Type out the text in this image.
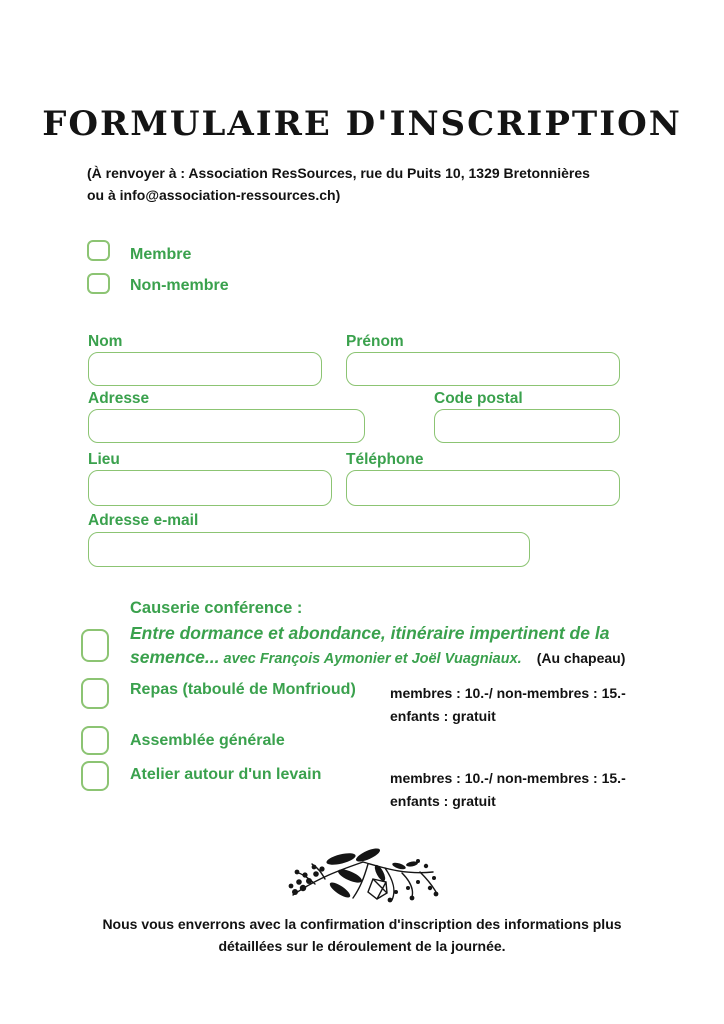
FORMULAIRE D'INSCRIPTION
(À renvoyer à : Association ResSources, rue du Puits 10, 1329 Bretonnières
ou à info@association-ressources.ch)
Membre
Non-membre
Nom	Prénom
Adresse	Code postal
Lieu	Téléphone
Adresse e-mail
Causerie conférence :
Entre dormance et abondance, itinéraire impertinent de la
semence... avec François Aymonier et Joël Vuagniaux. (Au chapeau)
Repas (taboulé de Monfrioud) membres : 10.-/ non-membres : 15.-
enfants : gratuit
Assemblée générale
Atelier autour d'un levain	membres : 10.-/ non-membres : 15.-
enfants : gratuit
Nous vous enverrons avec la confirmation d'inscription des informations plus
détaillées sur le déroulement de la journée.
